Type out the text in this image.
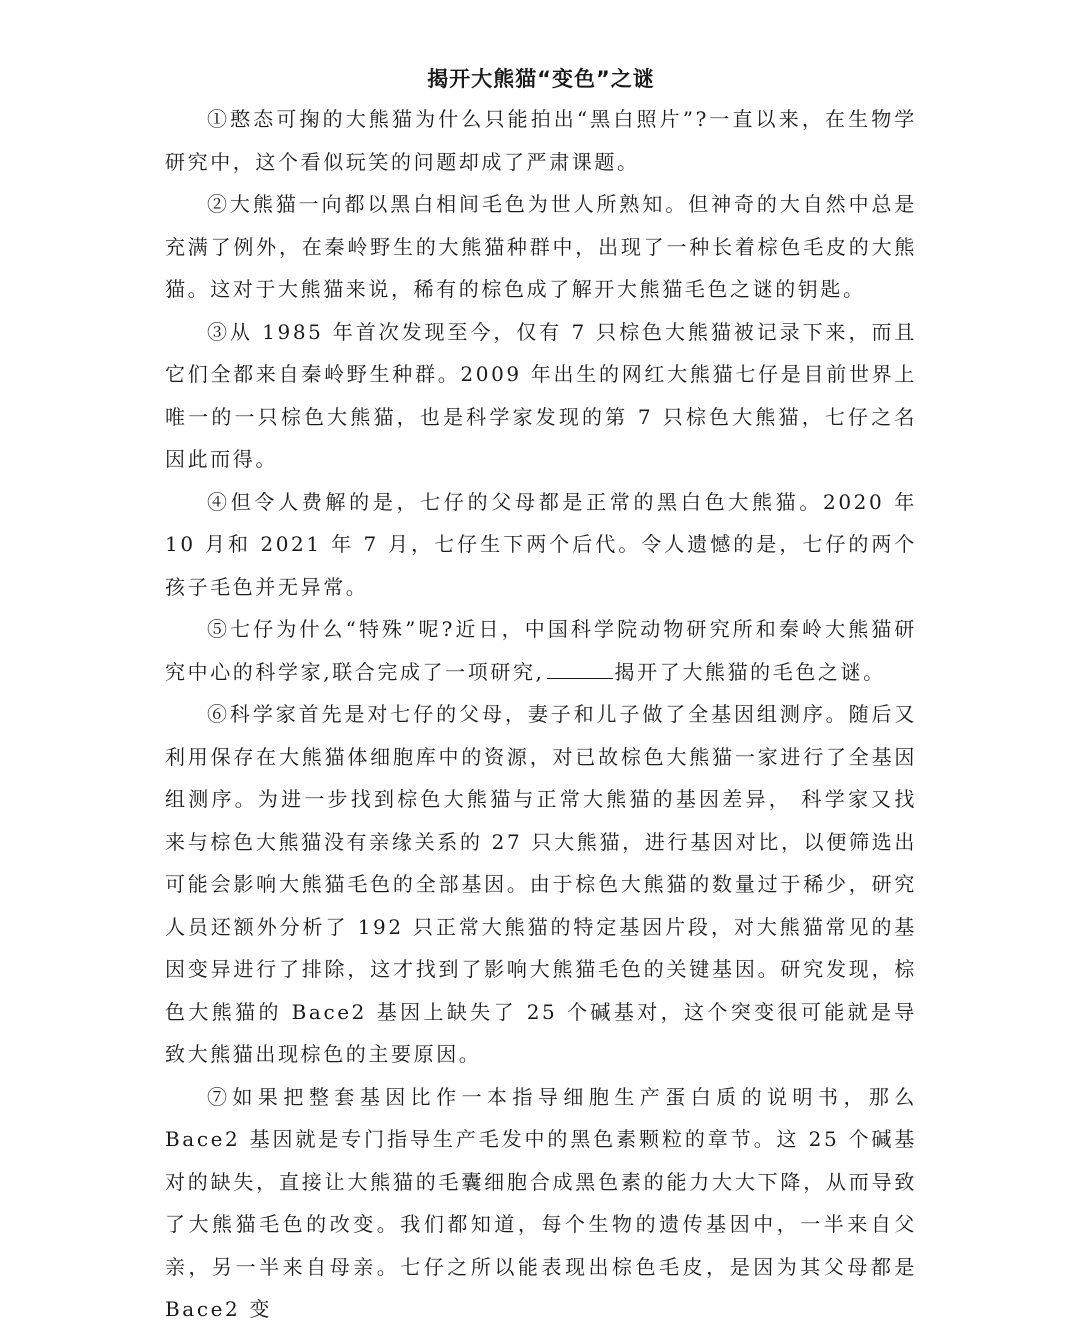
揭开大熊猫“变色”之谜

①憨态可掬的大熊猫为什么只能拍出“黑白照片”?一直以来，在生物学研究中，这个看似玩笑的问题却成了严肃课题。

②大熊猫一向都以黑白相间毛色为世人所熟知。但神奇的大自然中总是充满了例外，在秦岭野生的大熊猫种群中，出现了一种长着棕色毛皮的大熊猫。这对于大熊猫来说，稀有的棕色成了解开大熊猫毛色之谜的钥匙。

③从 1985 年首次发现至今，仅有 7 只棕色大熊猫被记录下来，而且它们全都来自秦岭野生种群。2009 年出生的网红大熊猫七仔是目前世界上唯一的一只棕色大熊猫，也是科学家发现的第 7 只棕色大熊猫，七仔之名因此而得。

④但令人费解的是，七仔的父母都是正常的黑白色大熊猫。2020 年 10 月和 2021 年 7 月，七仔生下两个后代。令人遗憾的是，七仔的两个孩子毛色并无异常。

⑤七仔为什么“特殊”呢?近日，中国科学院动物研究所和秦岭大熊猫研究中心的科学家,联合完成了一项研究,	揭开了大熊猫的毛色之谜。

⑥科学家首先是对七仔的父母，妻子和儿子做了全基因组测序。随后又利用保存在大熊猫体细胞库中的资源，对已故棕色大熊猫一家进行了全基因组测序。为进一步找到棕色大熊猫与正常大熊猫的基因差异， 科学家又找来与棕色大熊猫没有亲缘关系的 27 只大熊猫，进行基因对比，以便筛选出可能会影响大熊猫毛色的全部基因。由于棕色大熊猫的数量过于稀少，研究人员还额外分析了 192 只正常大熊猫的特定基因片段，对大熊猫常见的基因变异进行了排除，这才找到了影响大熊猫毛色的关键基因。研究发现，棕色大熊猫的 Bace2 基因上缺失了 25 个碱基对，这个突变很可能就是导致大熊猫出现棕色的主要原因。

⑦如果把整套基因比作一本指导细胞生产蛋白质的说明书，那么 Bace2 基因就是专门指导生产毛发中的黑色素颗粒的章节。这 25 个碱基对的缺失，直接让大熊猫的毛囊细胞合成黑色素的能力大大下降，从而导致了大熊猫毛色的改变。我们都知道，每个生物的遗传基因中，一半来自父亲，另一半来自母亲。七仔之所以能表现出棕色毛皮，是因为其父母都是 Bace2 变
